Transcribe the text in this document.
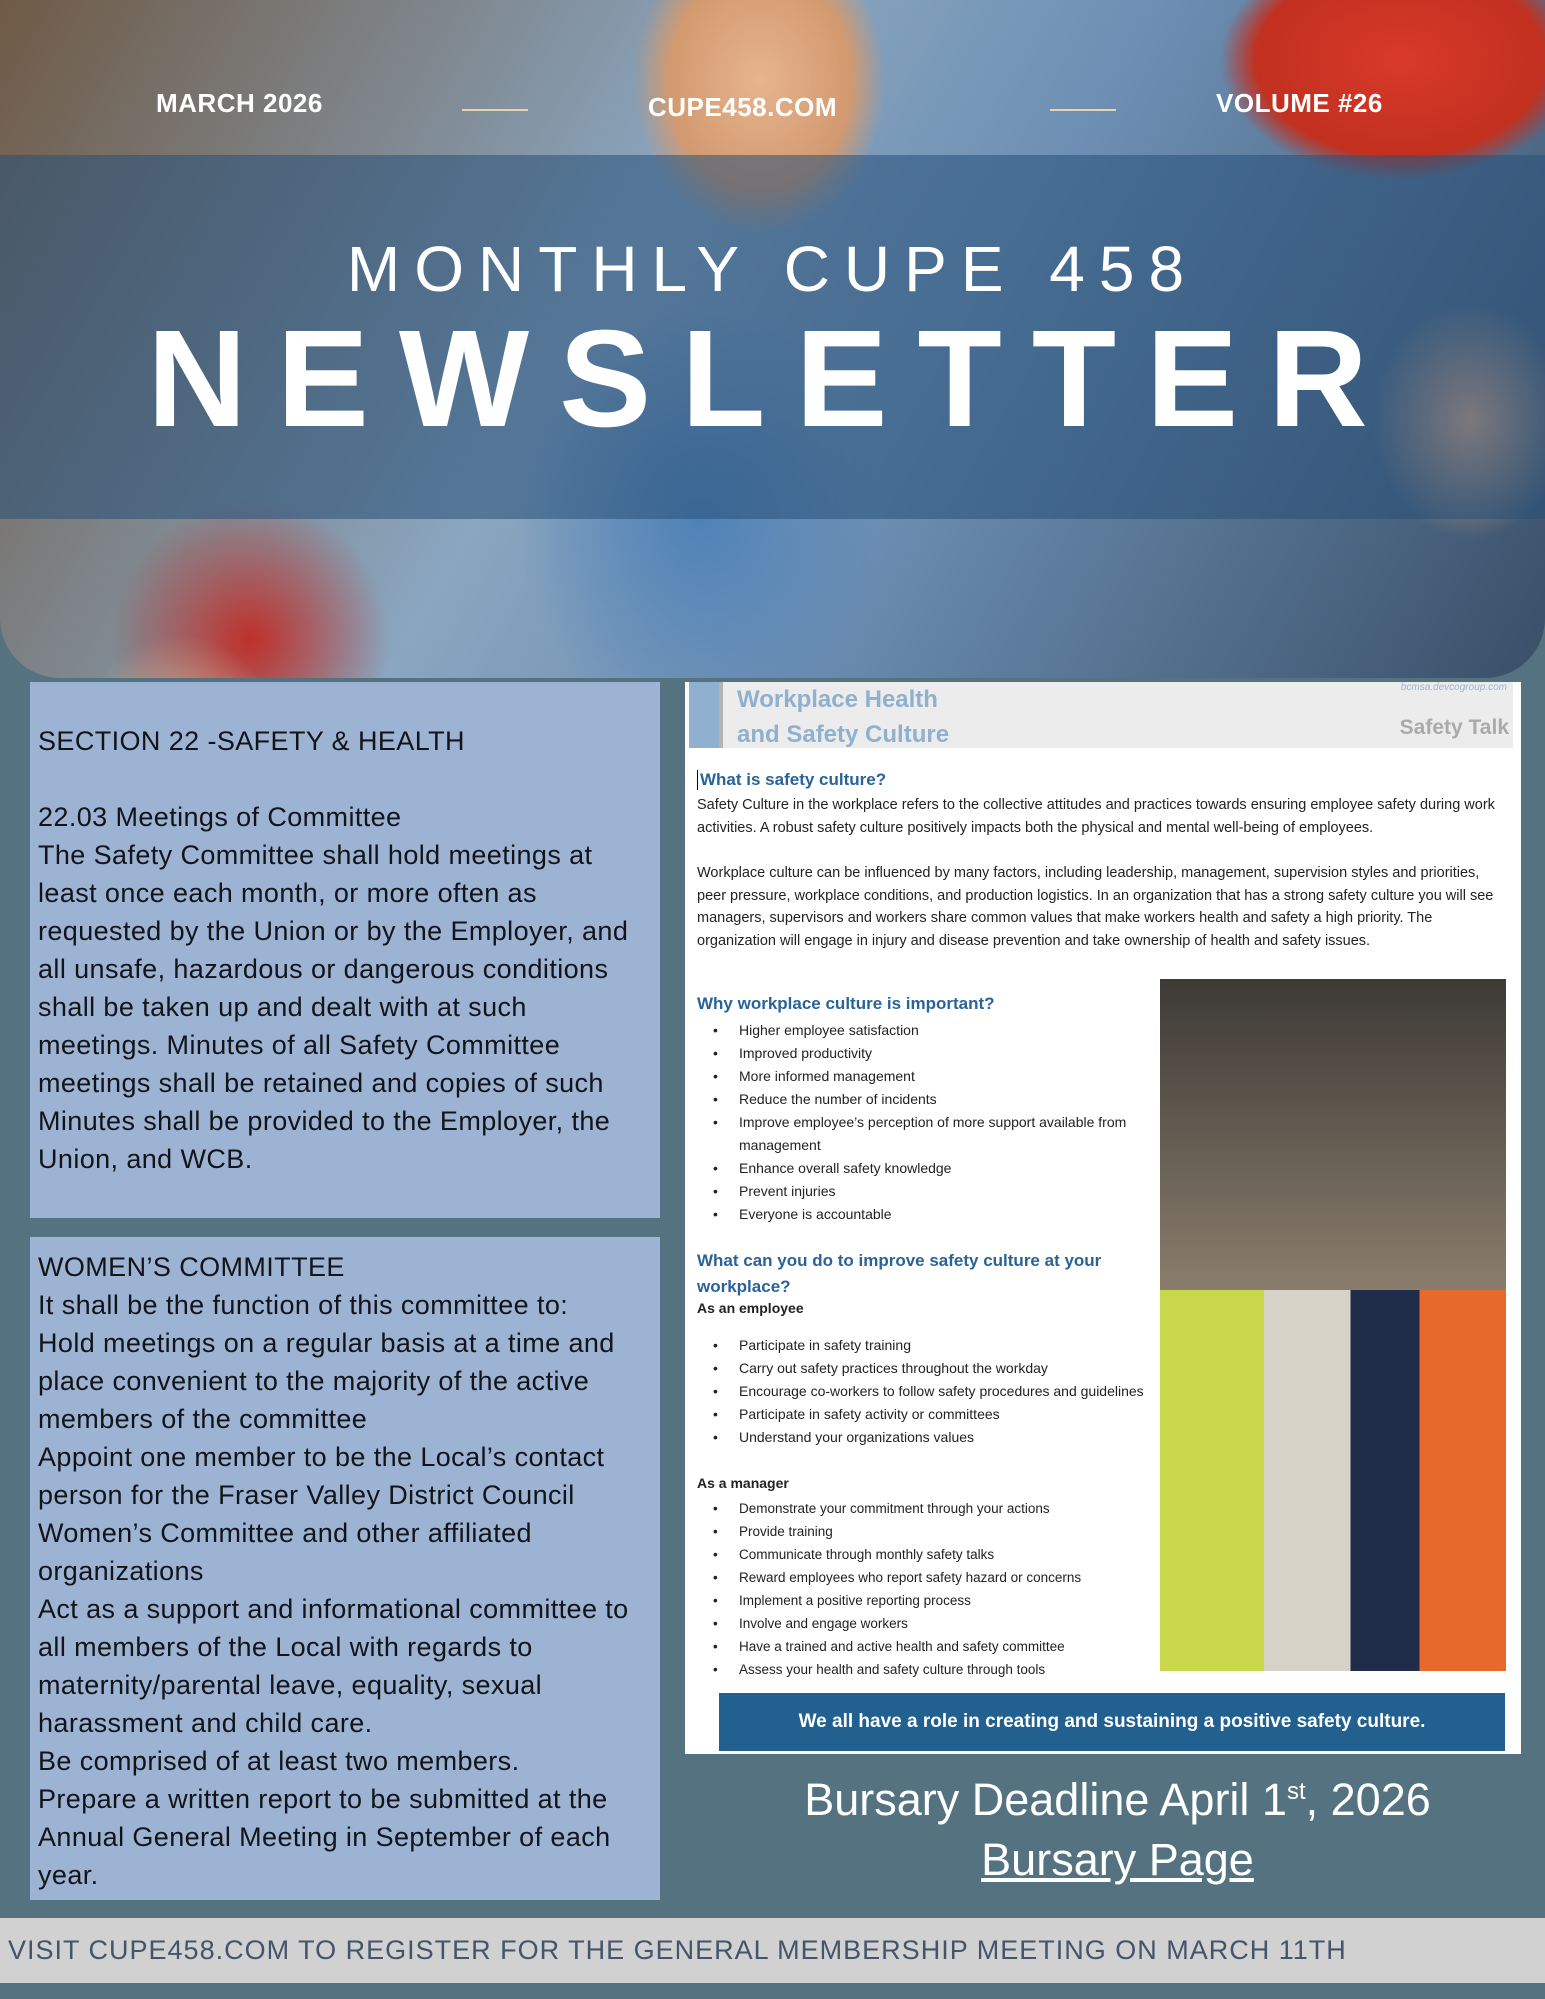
MARCH 2026	CUPE458.COM	VOLUME #26
MONTHLY CUPE 458
NEWSLETTER

SECTION 22 -SAFETY & HEALTH

22.03 Meetings of Committee

The Safety Committee shall hold meetings at least once each month, or more often as requested by the Union or by the Employer, and all unsafe, hazardous or dangerous conditions shall be taken up and dealt with at such meetings. Minutes of all Safety Committee meetings shall be retained and copies of such Minutes shall be provided to the Employer, the Union, and WCB.

WOMEN’S COMMITTEE

It shall be the function of this committee to:

Hold meetings on a regular basis at a time and place convenient to the majority of the active members of the committee

Appoint one member to be the Local’s contact person for the Fraser Valley District Council Women’s Committee and other affiliated organizations

Act as a support and informational committee to all members of the Local with regards to maternity/parental leave, equality, sexual harassment and child care.

Be comprised of at least two members.

Prepare a written report to be submitted at the Annual General Meeting in September of each year.

Workplace Health
and Safety Culture
bcmsa.devcogroup.com
Safety Talk
What is safety culture?
Safety Culture in the workplace refers to the collective attitudes and practices towards ensuring employee safety during work activities. A robust safety culture positively impacts both the physical and mental well-being of employees.
Workplace culture can be influenced by many factors, including leadership, management, supervision styles and priorities, peer pressure, workplace conditions, and production logistics. In an organization that has a strong safety culture you will see managers, supervisors and workers share common values that make workers health and safety a high priority. The organization will engage in injury and disease prevention and take ownership of health and safety issues.
Why workplace culture is important?
• Higher employee satisfaction
• Improved productivity
• More informed management
• Reduce the number of incidents
• Improve employee’s perception of more support available from management
• Enhance overall safety knowledge
• Prevent injuries
• Everyone is accountable
What can you do to improve safety culture at your workplace?
As an employee
• Participate in safety training
• Carry out safety practices throughout the workday
• Encourage co-workers to follow safety procedures and guidelines
• Participate in safety activity or committees
• Understand your organizations values
As a manager
• Demonstrate your commitment through your actions
• Provide training
• Communicate through monthly safety talks
• Reward employees who report safety hazard or concerns
• Implement a positive reporting process
• Involve and engage workers
• Have a trained and active health and safety committee
• Assess your health and safety culture through tools
We all have a role in creating and sustaining a positive safety culture.
Bursary Deadline April 1st, 2026
Bursary Page
VISIT CUPE458.COM TO REGISTER FOR THE GENERAL MEMBERSHIP MEETING ON MARCH 11TH
